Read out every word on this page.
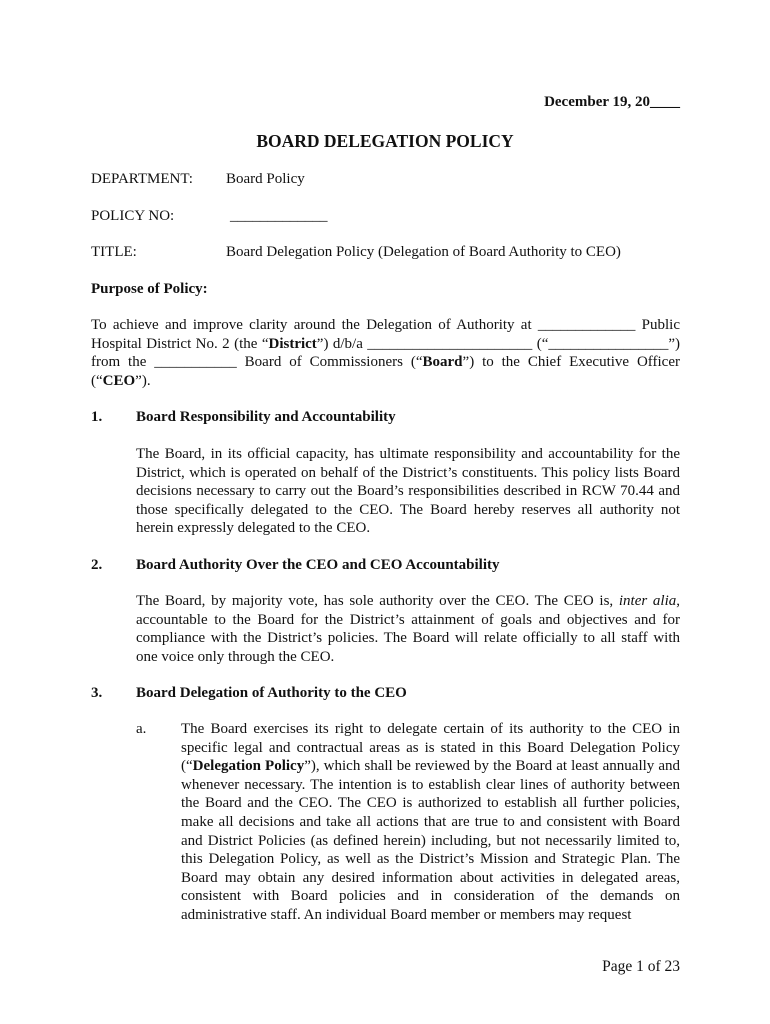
December 19, 20____
BOARD DELEGATION POLICY
DEPARTMENT: Board Policy
POLICY NO:	_____________
TITLE:	Board Delegation Policy (Delegation of Board Authority to CEO)
Purpose of Policy:
To achieve and improve clarity around the Delegation of Authority at _____________ Public Hospital District No. 2 (the “District”) d/b/a ______________________ (“________________”) from the ___________ Board of Commissioners (“Board”) to the Chief Executive Officer (“CEO”).
1. Board Responsibility and Accountability
The Board, in its official capacity, has ultimate responsibility and accountability for the District, which is operated on behalf of the District’s constituents. This policy lists Board decisions necessary to carry out the Board’s responsibilities described in RCW 70.44 and those specifically delegated to the CEO. The Board hereby reserves all authority not herein expressly delegated to the CEO.
2. Board Authority Over the CEO and CEO Accountability
The Board, by majority vote, has sole authority over the CEO. The CEO is, inter alia, accountable to the Board for the District’s attainment of goals and objectives and for compliance with the District’s policies. The Board will relate officially to all staff with one voice only through the CEO.
3. Board Delegation of Authority to the CEO
a. The Board exercises its right to delegate certain of its authority to the CEO in specific legal and contractual areas as is stated in this Board Delegation Policy (“Delegation Policy”), which shall be reviewed by the Board at least annually and whenever necessary. The intention is to establish clear lines of authority between the Board and the CEO. The CEO is authorized to establish all further policies, make all decisions and take all actions that are true to and consistent with Board and District Policies (as defined herein) including, but not necessarily limited to, this Delegation Policy, as well as the District’s Mission and Strategic Plan. The Board may obtain any desired information about activities in delegated areas, consistent with Board policies and in consideration of the demands on administrative staff. An individual Board member or members may request
Page 1 of 23
